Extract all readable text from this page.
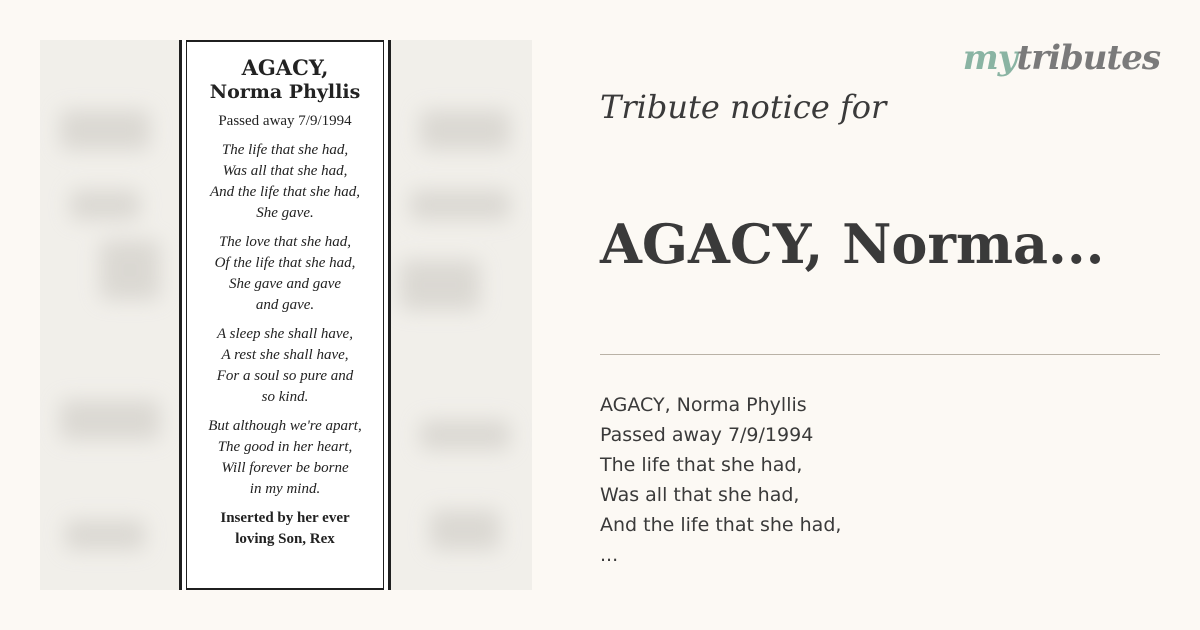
AGACY,

Norma Phyllis

Passed away 7/9/1994

The life that she had,
Was all that she had,
And the life that she had,
She gave.

The love that she had,
Of the life that she had,
She gave and gave
and gave.

A sleep she shall have,
A rest she shall have,
For a soul so pure and
so kind.

But although we're apart,
The good in her heart,
Will forever be borne
in my mind.

Inserted by her ever
loving Son, Rex
mytributes

Tribute notice for

AGACY, Norma...
AGACY, Norma Phyllis
Passed away 7/9/1994
The life that she had,
Was all that she had,
And the life that she had,
...
